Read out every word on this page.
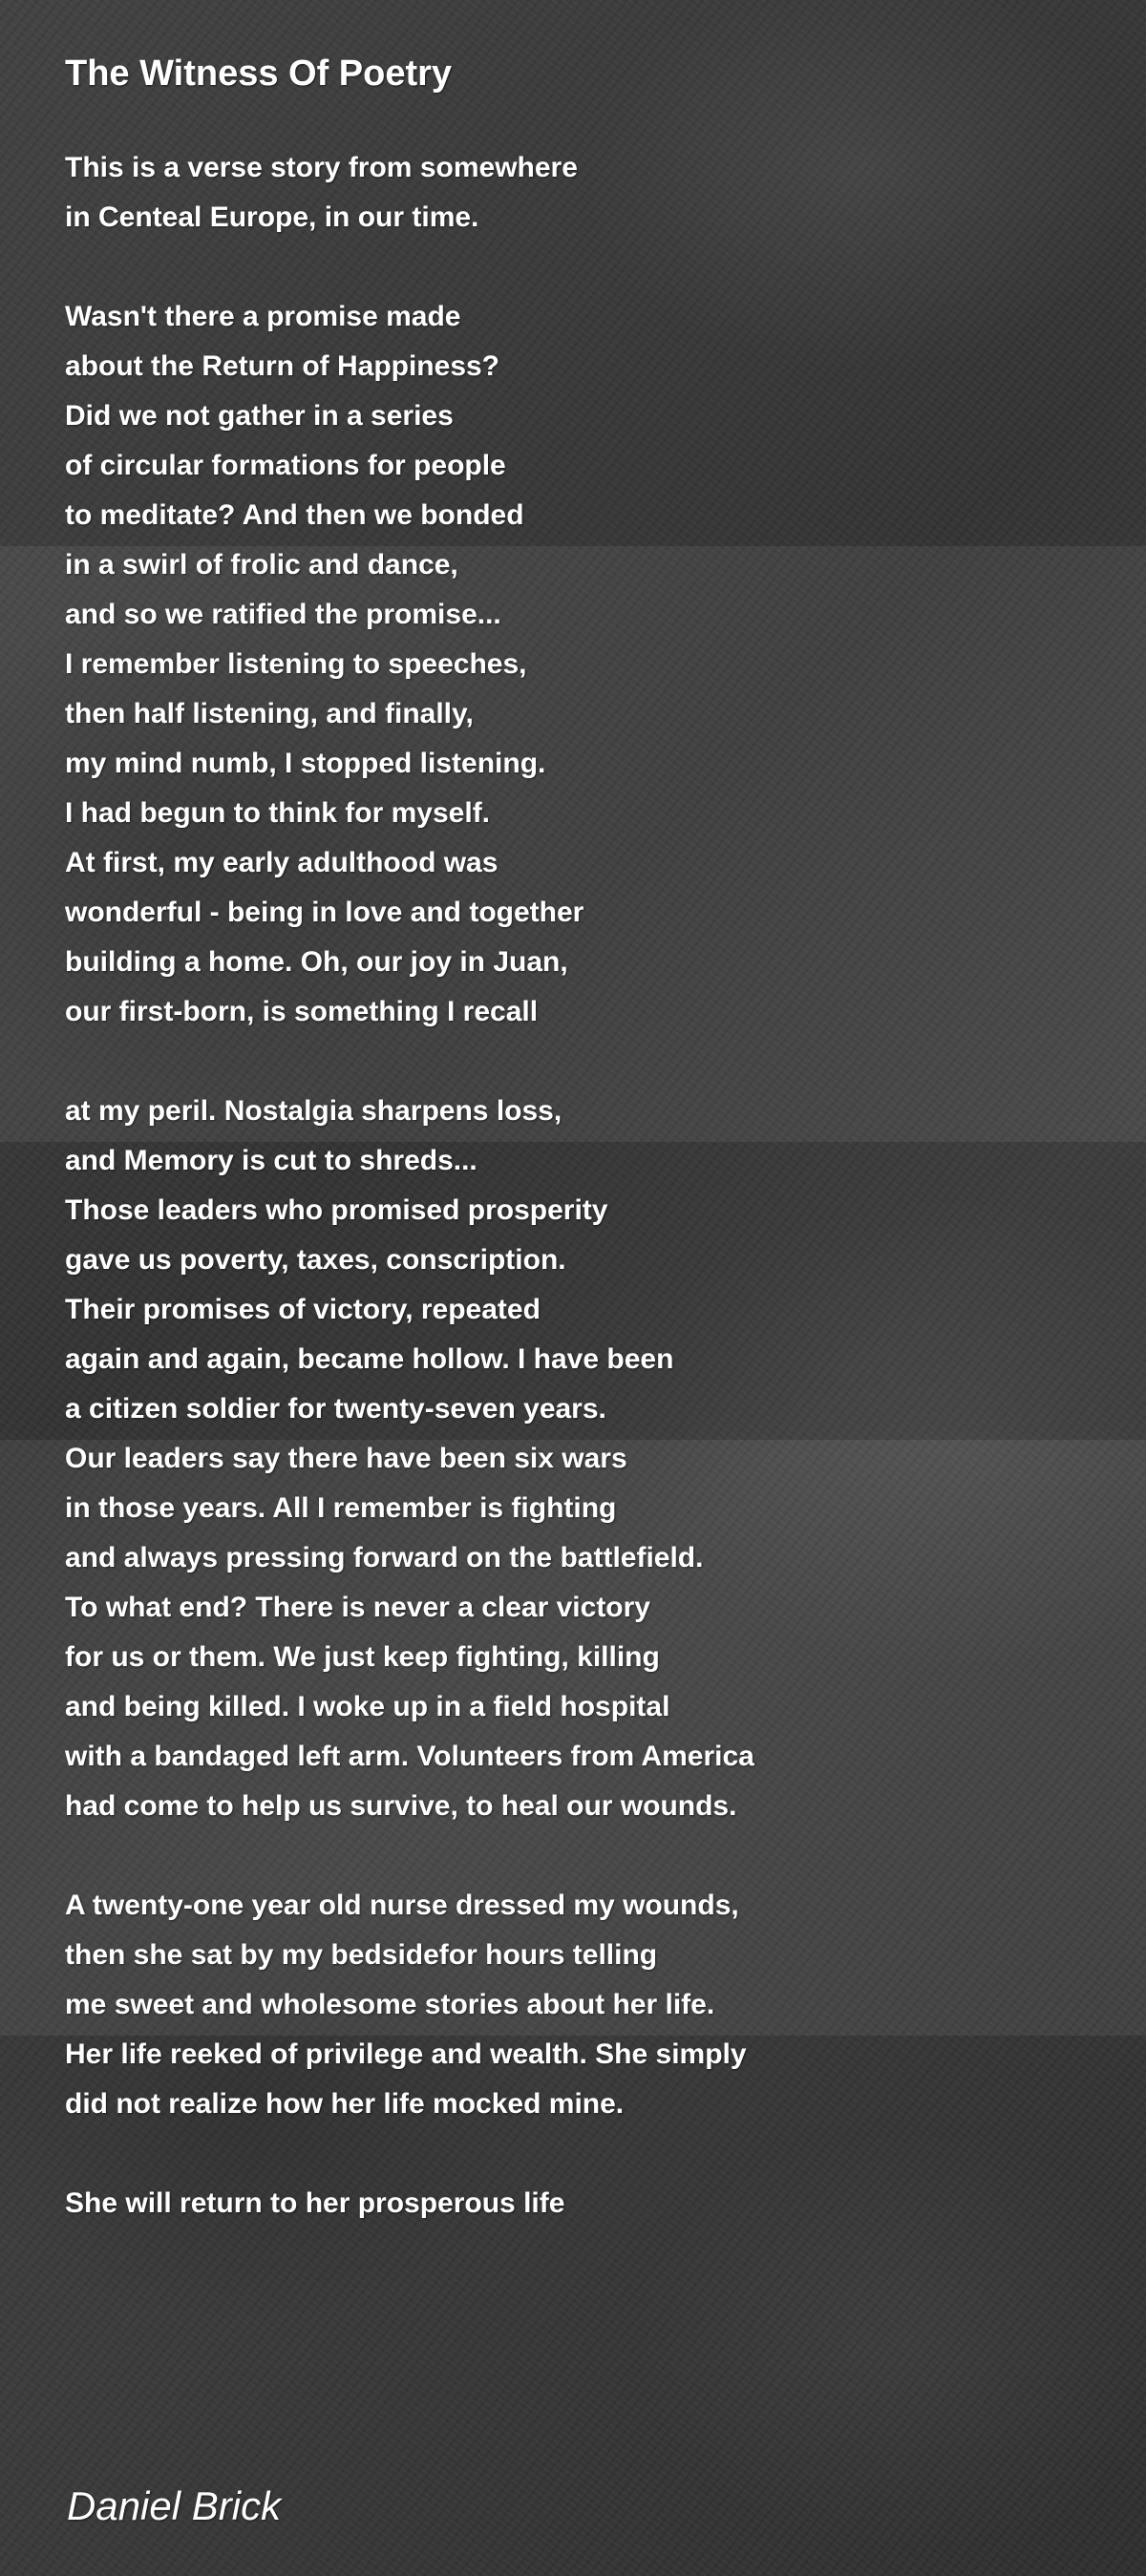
The Witness Of Poetry
This is a verse story from somewhere
in Centeal Europe, in our time.
Wasn't there a promise made
about the Return of Happiness?
Did we not gather in a series
of circular formations for people
to meditate? And then we bonded
in a swirl of frolic and dance,
and so we ratified the promise...
I remember listening to speeches,
then half listening, and finally,
my mind numb, I stopped listening.
I had begun to think for myself.
At first, my early adulthood was
wonderful - being in love and together
building a home. Oh, our joy in Juan,
our first-born, is something I recall
at my peril. Nostalgia sharpens loss,
and Memory is cut to shreds...
Those leaders who promised prosperity
gave us poverty, taxes, conscription.
Their promises of victory, repeated
again and again, became hollow. I have been
a citizen soldier for twenty-seven years.
Our leaders say there have been six wars
in those years. All I remember is fighting
and always pressing forward on the battlefield.
To what end? There is never a clear victory
for us or them. We just keep fighting, killing
and being killed. I woke up in a field hospital
with a bandaged left arm. Volunteers from America
had come to help us survive, to heal our wounds.
A twenty-one year old nurse dressed my wounds,
then she sat by my bedsidefor hours telling
me sweet and wholesome stories about her life.
Her life reeked of privilege and wealth. She simply
did not realize how her life mocked mine.
She will return to her prosperous life
Daniel Brick
